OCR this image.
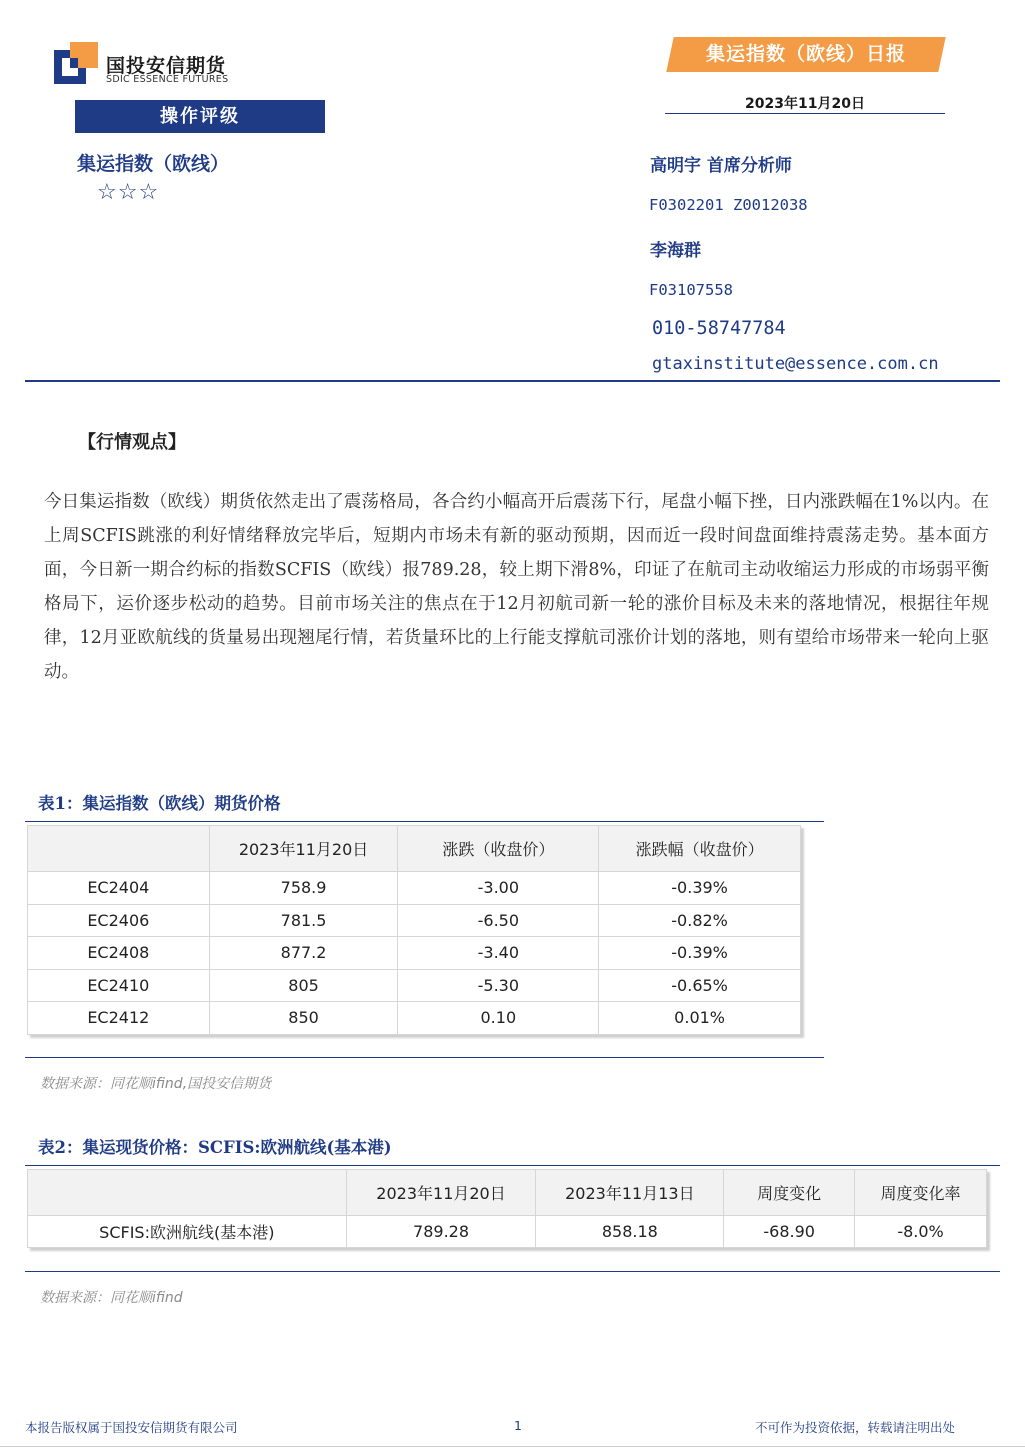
国投安信期货
SDIC ESSENCE FUTURES
集运指数（欧线）日报
2023年11月20日
操作评级
集运指数（欧线）
☆☆☆
高明宇 首席分析师
F0302201 Z0012038
李海群
F03107558
010-58747784
gtaxinstitute@essence.com.cn
【行情观点】
今日集运指数（欧线）期货依然走出了震荡格局，各合约小幅高开后震荡下行，尾盘小幅下挫，日内涨跌幅在1%以内。在上周SCFIS跳涨的利好情绪释放完毕后，短期内市场未有新的驱动预期，因而近一段时间盘面维持震荡走势。基本面方面，今日新一期合约标的指数SCFIS（欧线）报789.28，较上期下滑8%，印证了在航司主动收缩运力形成的市场弱平衡格局下，运价逐步松动的趋势。目前市场关注的焦点在于12月初航司新一轮的涨价目标及未来的落地情况，根据往年规律，12月亚欧航线的货量易出现翘尾行情，若货量环比的上行能支撑航司涨价计划的落地，则有望给市场带来一轮向上驱动。
表1：集运指数（欧线）期货价格
	2023年11月20日	涨跌（收盘价）	涨跌幅（收盘价）
EC2404	758.9	-3.00	-0.39%
EC2406	781.5	-6.50	-0.82%
EC2408	877.2	-3.40	-0.39%
EC2410	805	-5.30	-0.65%
EC2412	850	0.10	0.01%
数据来源：同花顺ifind,国投安信期货
表2：集运现货价格：SCFIS:欧洲航线(基本港)
	2023年11月20日	2023年11月13日	周度变化	周度变化率
SCFIS:欧洲航线(基本港)	789.28	858.18	-68.90	-8.0%
数据来源：同花顺ifind
本报告版权属于国投安信期货有限公司	1	不可作为投资依据，转载请注明出处
